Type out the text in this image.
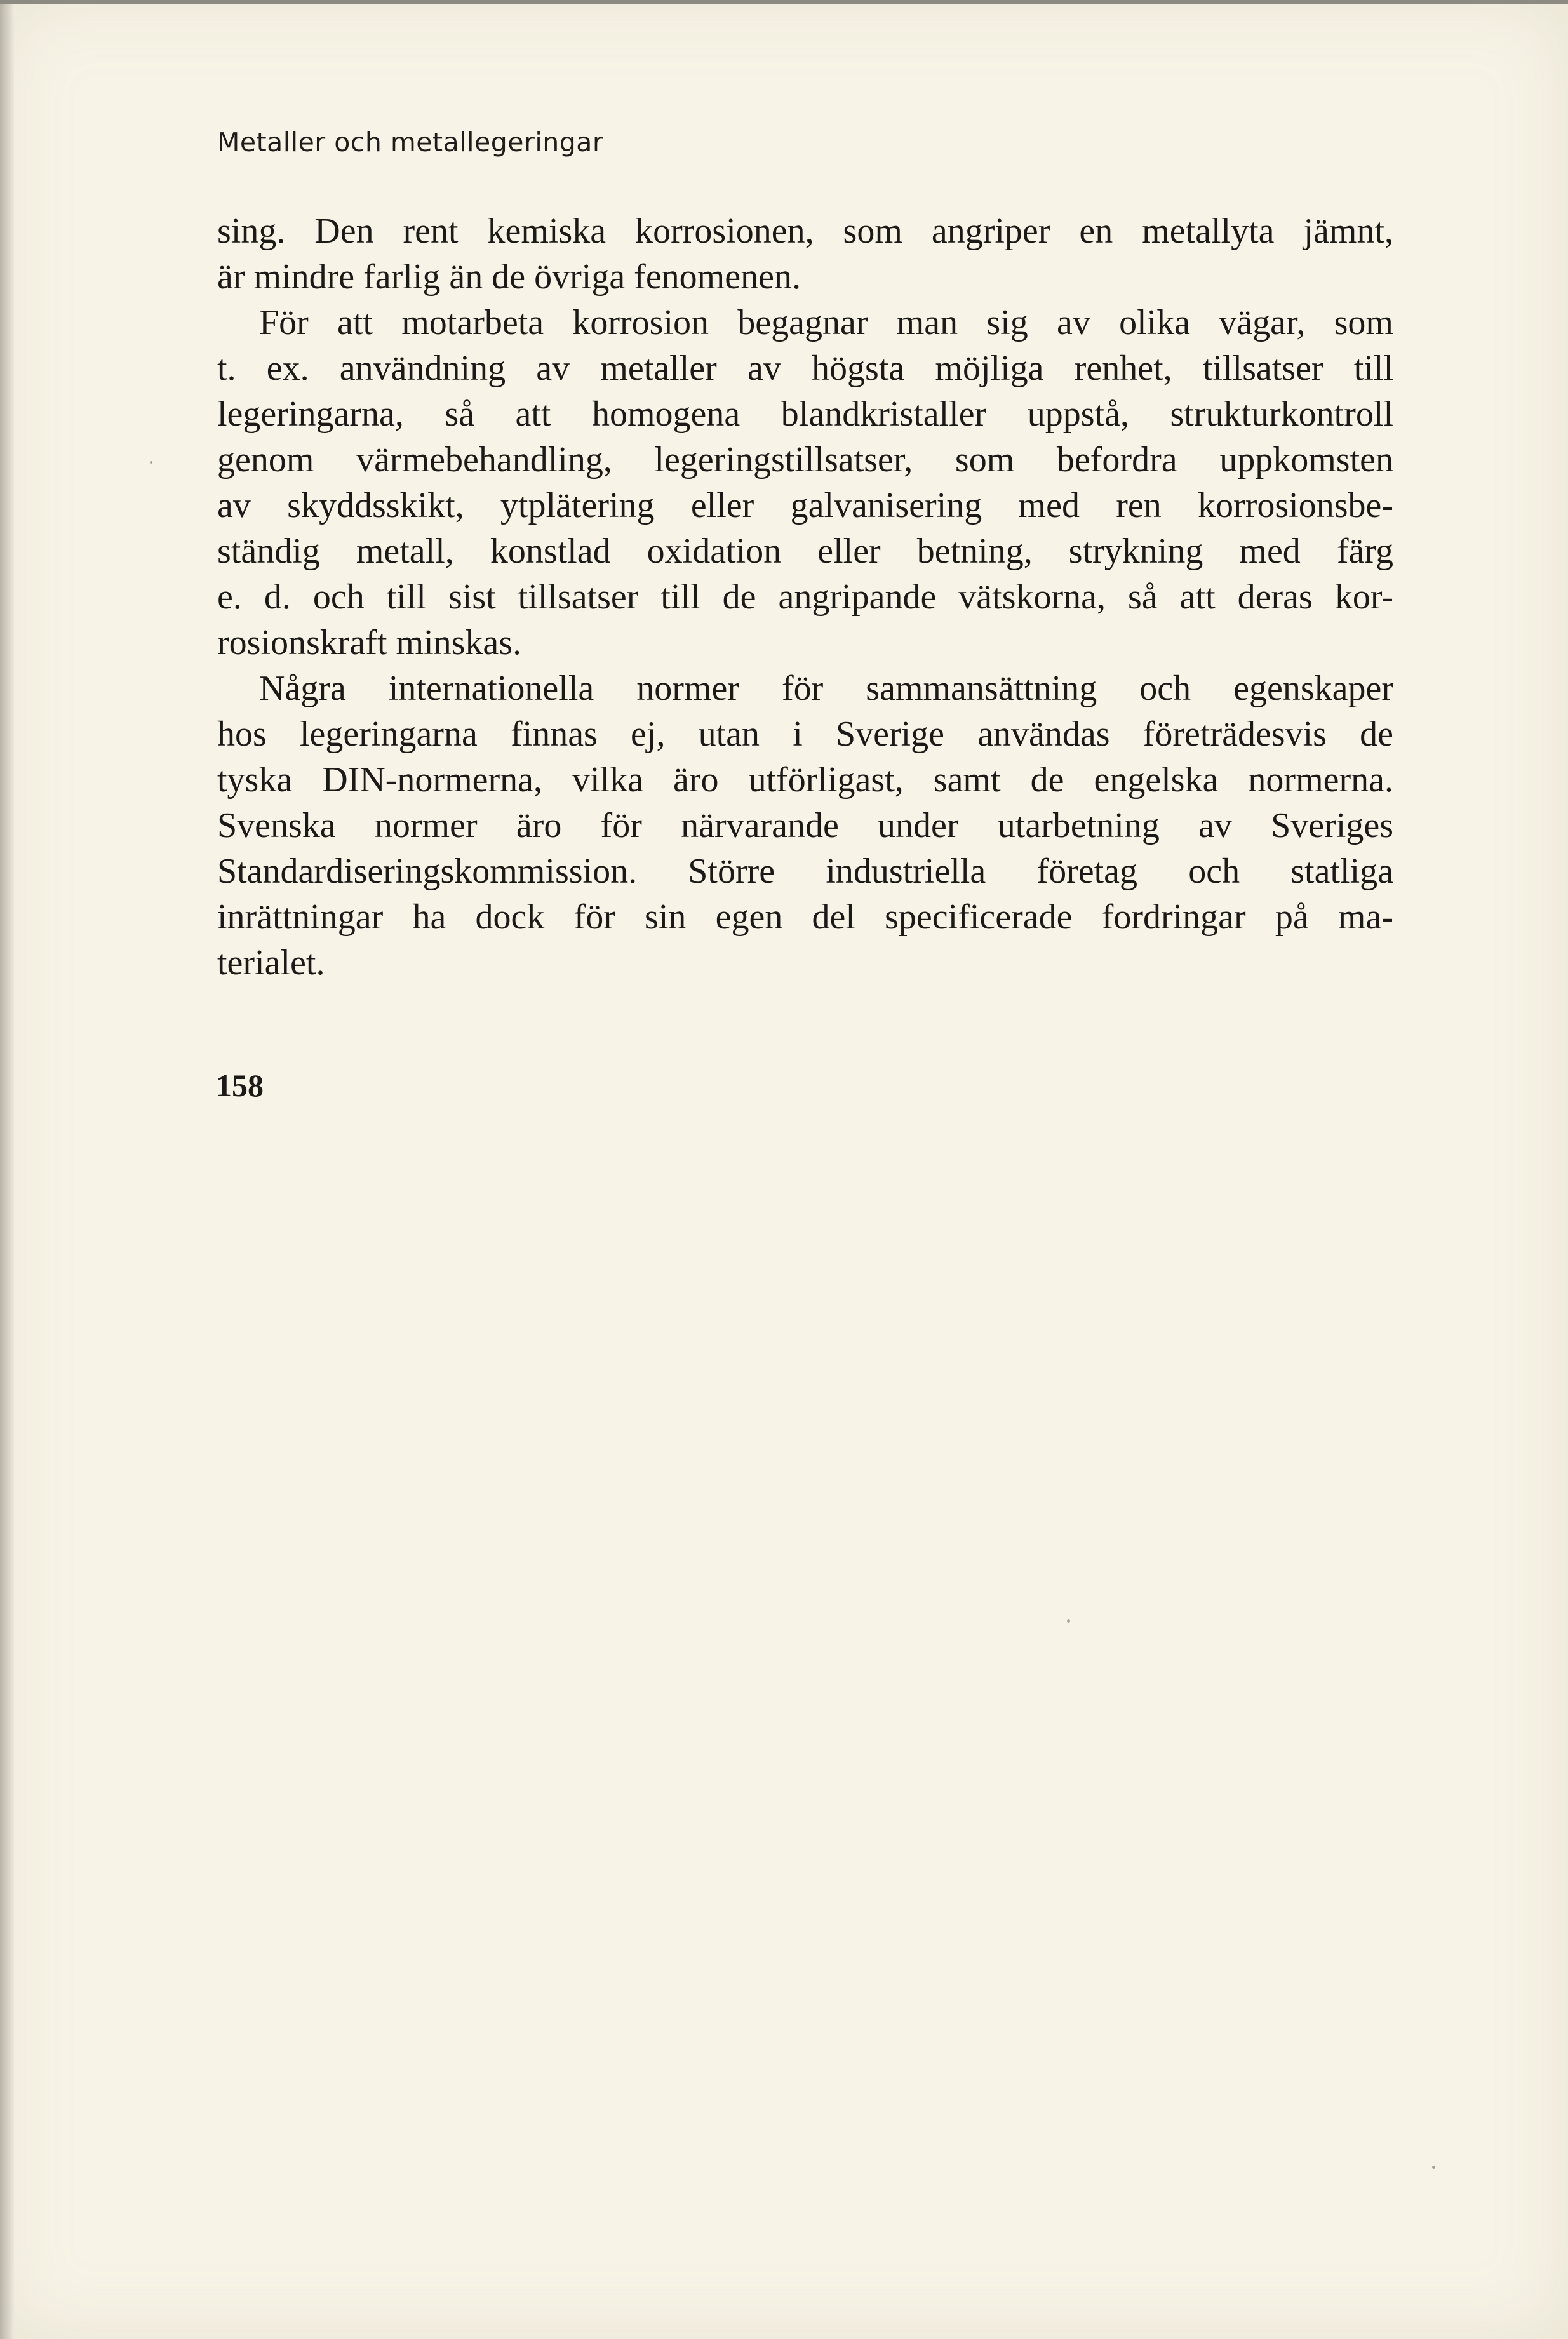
Metaller och metallegeringar
sing. Den rent kemiska korrosionen, som angriper en metallyta jämnt,
är mindre farlig än de övriga fenomenen.
För att motarbeta korrosion begagnar man sig av olika vägar, som
t. ex. användning av metaller av högsta möjliga renhet, tillsatser till
legeringarna, så att homogena blandkristaller uppstå, strukturkontroll
genom värmebehandling, legeringstillsatser, som befordra uppkomsten
av skyddsskikt, ytplätering eller galvanisering med ren korrosionsbe-
ständig metall, konstlad oxidation eller betning, strykning med färg
e. d. och till sist tillsatser till de angripande vätskorna, så att deras kor-
rosionskraft minskas.
Några internationella normer för sammansättning och egenskaper
hos legeringarna finnas ej, utan i Sverige användas företrädesvis de
tyska DIN-normerna, vilka äro utförligast, samt de engelska normerna.
Svenska normer äro för närvarande under utarbetning av Sveriges
Standardiseringskommission. Större industriella företag och statliga
inrättningar ha dock för sin egen del specificerade fordringar på ma-
terialet.
158
